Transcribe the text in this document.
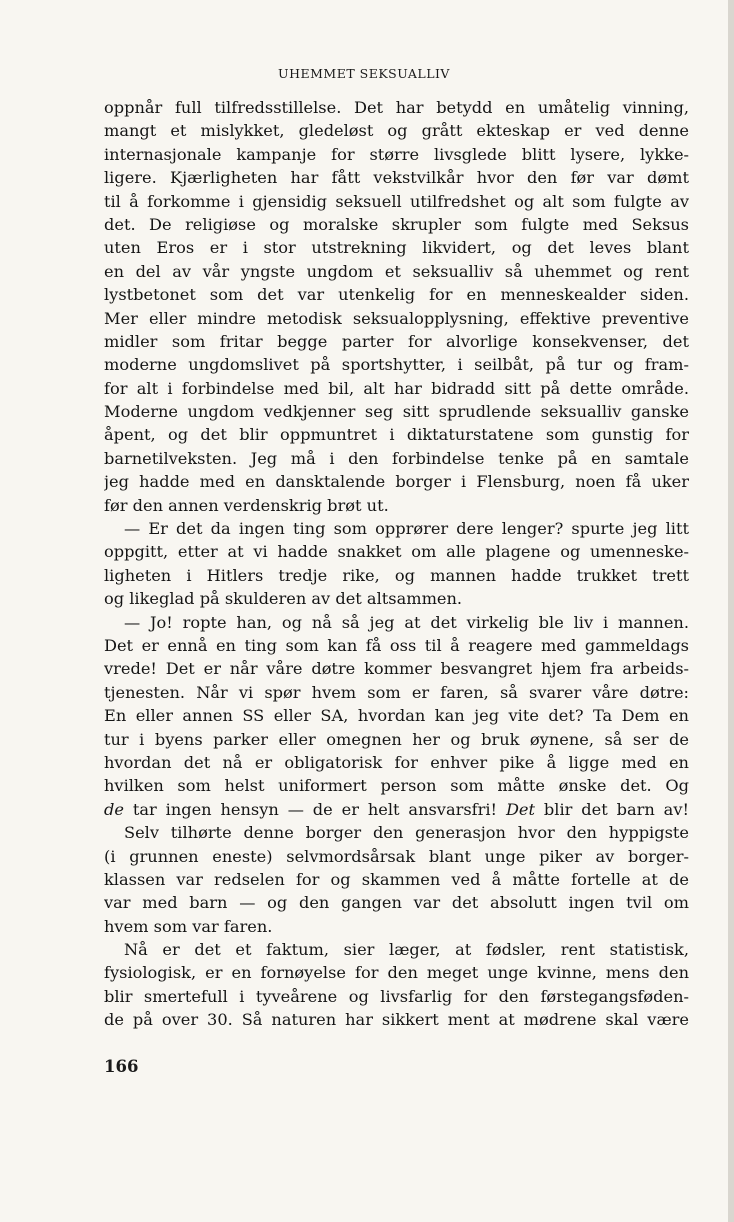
UHEMMET SEKSUALLIV
oppnår full tilfredsstillelse. Det har betydd en umåtelig vinning,
mangt et mislykket, gledeløst og grått ekteskap er ved denne
internasjonale kampanje for større livsglede blitt lysere, lykke-
ligere. Kjærligheten har fått vekstvilkår hvor den før var dømt
til å forkomme i gjensidig seksuell utilfredshet og alt som fulgte av
det. De religiøse og moralske skrupler som fulgte med Seksus
uten Eros er i stor utstrekning likvidert, og det leves blant
en del av vår yngste ungdom et seksualliv så uhemmet og rent
lystbetonet som det var utenkelig for en menneskealder siden.
Mer eller mindre metodisk seksualopplysning, effektive preventive
midler som fritar begge parter for alvorlige konsekvenser, det
moderne ungdomslivet på sportshytter, i seilbåt, på tur og fram-
for alt i forbindelse med bil, alt har bidradd sitt på dette område.
Moderne ungdom vedkjenner seg sitt sprudlende seksualliv ganske
åpent, og det blir oppmuntret i diktaturstatene som gunstig for
barnetilveksten. Jeg må i den forbindelse tenke på en samtale
jeg hadde med en dansktalende borger i Flensburg, noen få uker
før den annen verdenskrig brøt ut.
— Er det da ingen ting som opprører dere lenger? spurte jeg litt
oppgitt, etter at vi hadde snakket om alle plagene og umenneske-
ligheten i Hitlers tredje rike, og mannen hadde trukket trett
og likeglad på skulderen av det altsammen.
— Jo! ropte han, og nå så jeg at det virkelig ble liv i mannen.
Det er ennå en ting som kan få oss til å reagere med gammeldags
vrede! Det er når våre døtre kommer besvangret hjem fra arbeids-
tjenesten. Når vi spør hvem som er faren, så svarer våre døtre:
En eller annen SS eller SA, hvordan kan jeg vite det? Ta Dem en
tur i byens parker eller omegnen her og bruk øynene, så ser de
hvordan det nå er obligatorisk for enhver pike å ligge med en
hvilken som helst uniformert person som måtte ønske det. Og
de tar ingen hensyn — de er helt ansvarsfri! Det blir det barn av!
Selv tilhørte denne borger den generasjon hvor den hyppigste
(i grunnen eneste) selvmordsårsak blant unge piker av borger-
klassen var redselen for og skammen ved å måtte fortelle at de
var med barn — og den gangen var det absolutt ingen tvil om
hvem som var faren.
Nå er det et faktum, sier læger, at fødsler, rent statistisk,
fysiologisk, er en fornøyelse for den meget unge kvinne, mens den
blir smertefull i tyveårene og livsfarlig for den førstegangsføden-
de på over 30. Så naturen har sikkert ment at mødrene skal være
166
